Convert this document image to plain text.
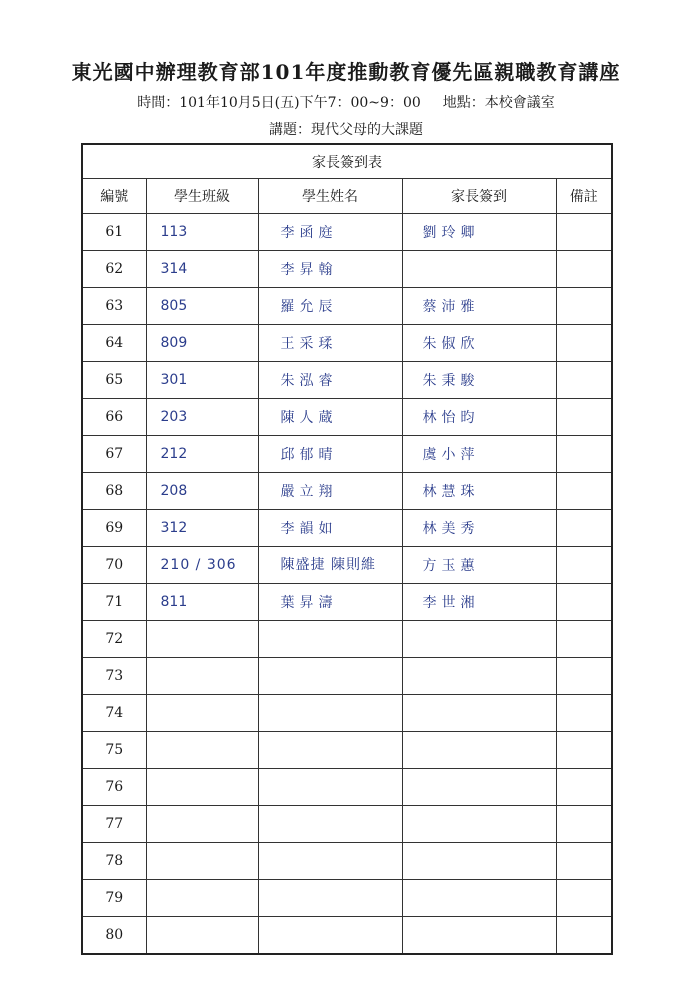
東光國中辦理教育部101年度推動教育優先區親職教育講座
時間：101年10月5日(五)下午7：00~9：00 地點：本校會議室
講題：現代父母的大課題
家長簽到表				
編號	學生班級	學生姓名	家長簽到	備註
61	113	李函庭	劉玲卿	
62	314	李昇翰		
63	805	羅允辰	蔡沛雅	
64	809	王采瑈	朱俶欣	
65	301	朱泓睿	朱秉駿	
66	203	陳人蔵	林怡昀	
67	212	邱郁晴	虞小萍	
68	208	嚴立翔	林慧珠	
69	312	李韻如	林美秀	
70	210 / 306	陳盛捷 陳則維	方玉蕙	
71	811	葉昇濤	李世湘	
72				
73				
74				
75				
76				
77				
78				
79				
80				
